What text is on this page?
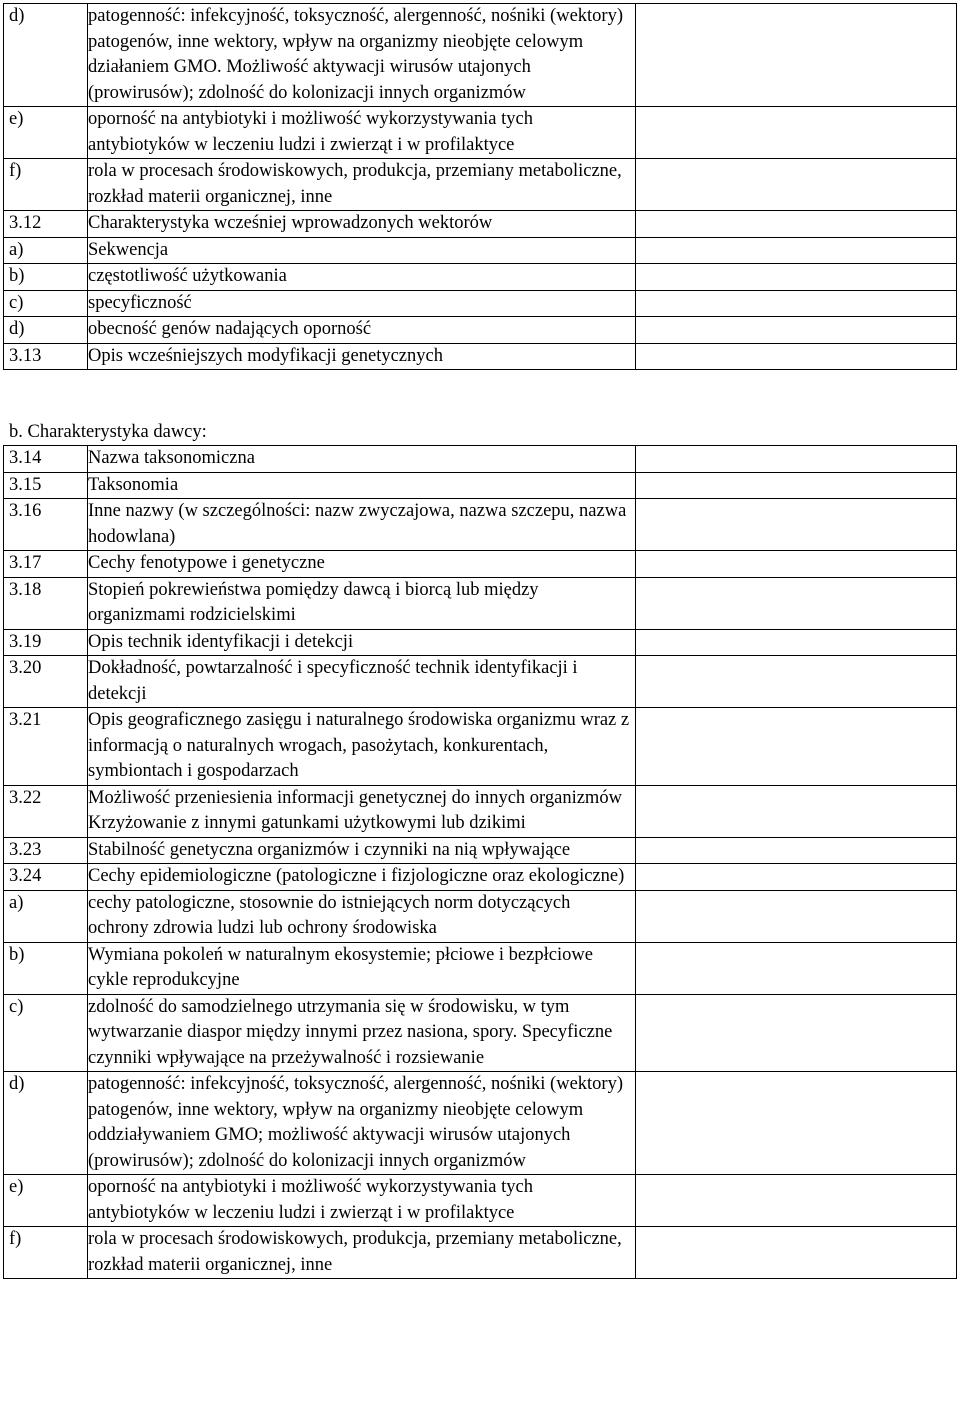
d)	patogenność: infekcyjność, toksyczność, alergenność, nośniki (wektory) patogenów, inne wektory, wpływ na organizmy nieobjęte celowym działaniem GMO. Możliwość aktywacji wirusów utajonych (prowirusów); zdolność do kolonizacji innych organizmów	
e)	oporność na antybiotyki i możliwość wykorzystywania tych antybiotyków w leczeniu ludzi i zwierząt i w profilaktyce	
f)	rola w procesach środowiskowych, produkcja, przemiany metaboliczne, rozkład materii organicznej, inne	
3.12	Charakterystyka wcześniej wprowadzonych wektorów	
a)	Sekwencja	
b)	częstotliwość użytkowania	
c)	specyficzność	
d)	obecność genów nadających oporność	
3.13	Opis wcześniejszych modyfikacji genetycznych	
b. Charakterystyka dawcy:
3.14	Nazwa taksonomiczna	
3.15	Taksonomia	
3.16	Inne nazwy (w szczególności: nazw zwyczajowa, nazwa szczepu, nazwa hodowlana)	
3.17	Cechy fenotypowe i genetyczne	
3.18	Stopień pokrewieństwa pomiędzy dawcą i biorcą lub między organizmami rodzicielskimi	
3.19	Opis technik identyfikacji i detekcji	
3.20	Dokładność, powtarzalność i specyficzność technik identyfikacji i detekcji	
3.21	Opis geograficznego zasięgu i naturalnego środowiska organizmu wraz z informacją o naturalnych wrogach, pasożytach, konkurentach, symbiontach i gospodarzach	
3.22	Możliwość przeniesienia informacji genetycznej do innych organizmów Krzyżowanie z innymi gatunkami użytkowymi lub dzikimi	
3.23	Stabilność genetyczna organizmów i czynniki na nią wpływające	
3.24	Cechy epidemiologiczne (patologiczne i fizjologiczne oraz ekologiczne)	
a)	cechy patologiczne, stosownie do istniejących norm dotyczących ochrony zdrowia ludzi lub ochrony środowiska	
b)	Wymiana pokoleń w naturalnym ekosystemie; płciowe i bezpłciowe cykle reprodukcyjne	
c)	zdolność do samodzielnego utrzymania się w środowisku, w tym wytwarzanie diaspor między innymi przez nasiona, spory. Specyficzne czynniki wpływające na przeżywalność i rozsiewanie	
d)	patogenność: infekcyjność, toksyczność, alergenność, nośniki (wektory) patogenów, inne wektory, wpływ na organizmy nieobjęte celowym oddziaływaniem GMO; możliwość aktywacji wirusów utajonych (prowirusów); zdolność do kolonizacji innych organizmów	
e)	oporność na antybiotyki i możliwość wykorzystywania tych antybiotyków w leczeniu ludzi i zwierząt i w profilaktyce	
f)	rola w procesach środowiskowych, produkcja, przemiany metaboliczne, rozkład materii organicznej, inne	
